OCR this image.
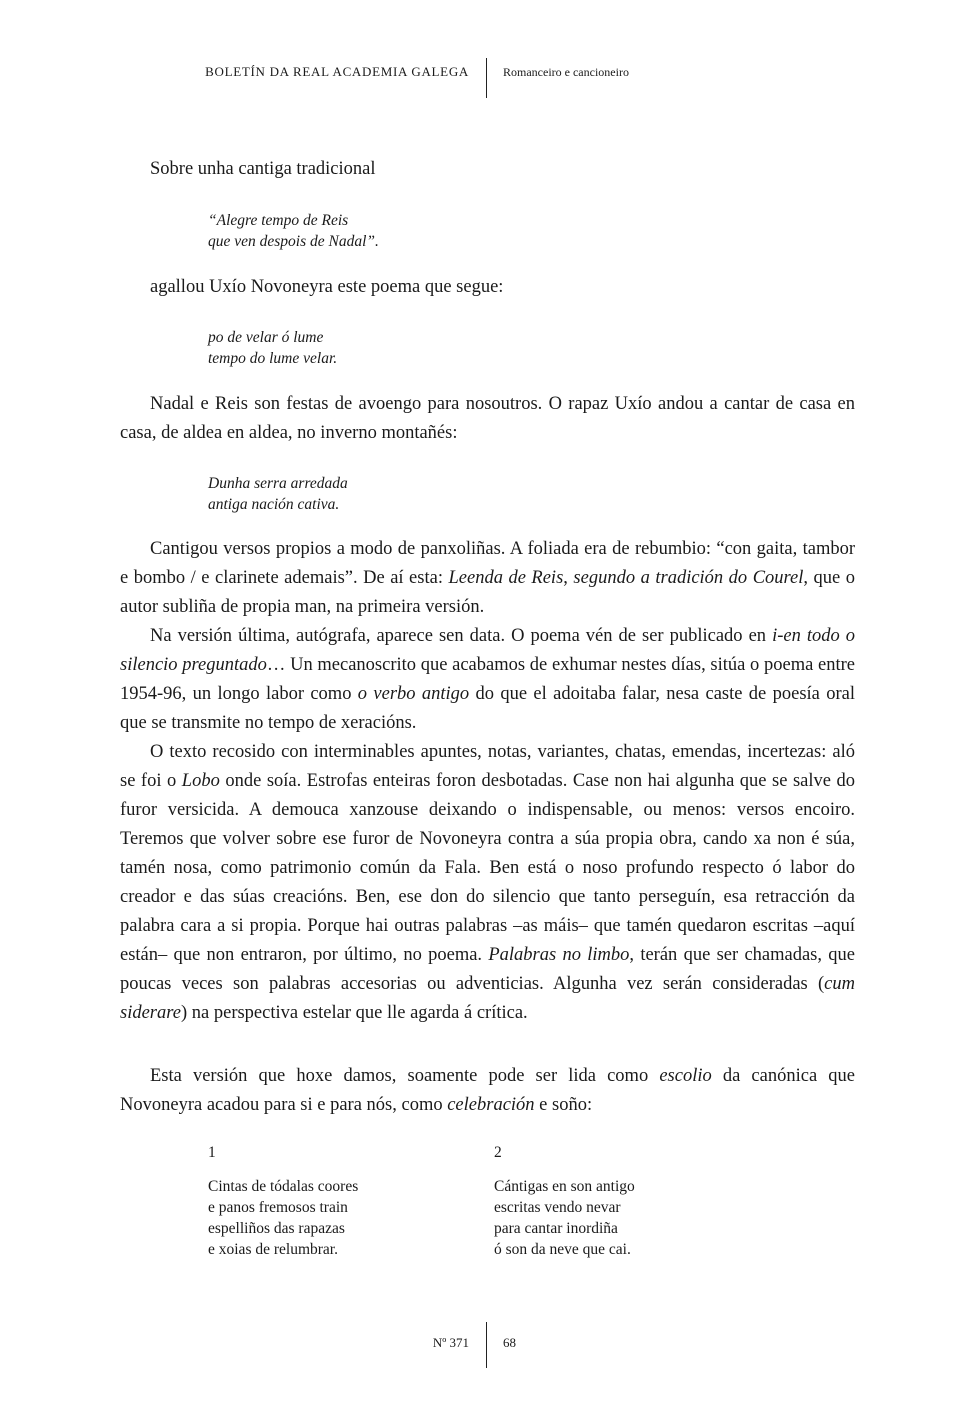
BOLETÍN DA REAL ACADEMIA GALEGA	Romanceiro e cancioneiro
Sobre unha cantiga tradicional
“Alegre tempo de Reis
que ven despois de Nadal”.
agallou Uxío Novoneyra este poema que segue:
po de velar ó lume
tempo do lume velar.
Nadal e Reis son festas de avoengo para nosoutros. O rapaz Uxío andou a cantar de casa en casa, de aldea en aldea, no inverno montañés:
Dunha serra arredada
antiga nación cativa.
Cantigou versos propios a modo de panxoliñas. A foliada era de rebumbio: “con gaita, tambor e bombo / e clarinete ademais”. De aí esta: Leenda de Reis, segundo a tradición do Courel, que o autor subliña de propia man, na primeira versión.
Na versión última, autógrafa, aparece sen data. O poema vén de ser publicado en i-en todo o silencio preguntado… Un mecanoscrito que acabamos de exhumar nestes días, sitúa o poema entre 1954-96, un longo labor como o verbo antigo do que el adoitaba falar, nesa caste de poesía oral que se transmite no tempo de xeracións.
O texto recosido con interminables apuntes, notas, variantes, chatas, emendas, incertezas: aló se foi o Lobo onde soía. Estrofas enteiras foron desbotadas. Case non hai algunha que se salve do furor versicida. A demouca xanzouse deixando o indispensable, ou menos: versos encoiro. Teremos que volver sobre ese furor de Novoneyra contra a súa propia obra, cando xa non é súa, tamén nosa, como patrimonio común da Fala. Ben está o noso profundo respecto ó labor do creador e das súas creacións. Ben, ese don do silencio que tanto perseguín, esa retracción da palabra cara a si propia. Porque hai outras palabras –as máis– que tamén quedaron escritas –aquí están– que non entraron, por último, no poema. Palabras no limbo, terán que ser chamadas, que poucas veces son palabras accesorias ou adventicias. Algunha vez serán consideradas (cum siderare) na perspectiva estelar que lle agarda á crítica.
Esta versión que hoxe damos, soamente pode ser lida como escolio da canónica que Novoneyra acadou para si e para nós, como celebración e soño:
1
Cintas de tódalas coores
e panos fremosos train
espelliños das rapazas
e xoias de relumbrar.
2
Cántigas en son antigo
escritas vendo nevar
para cantar inordiña
ó son da neve que cai.
Nº 371	68
